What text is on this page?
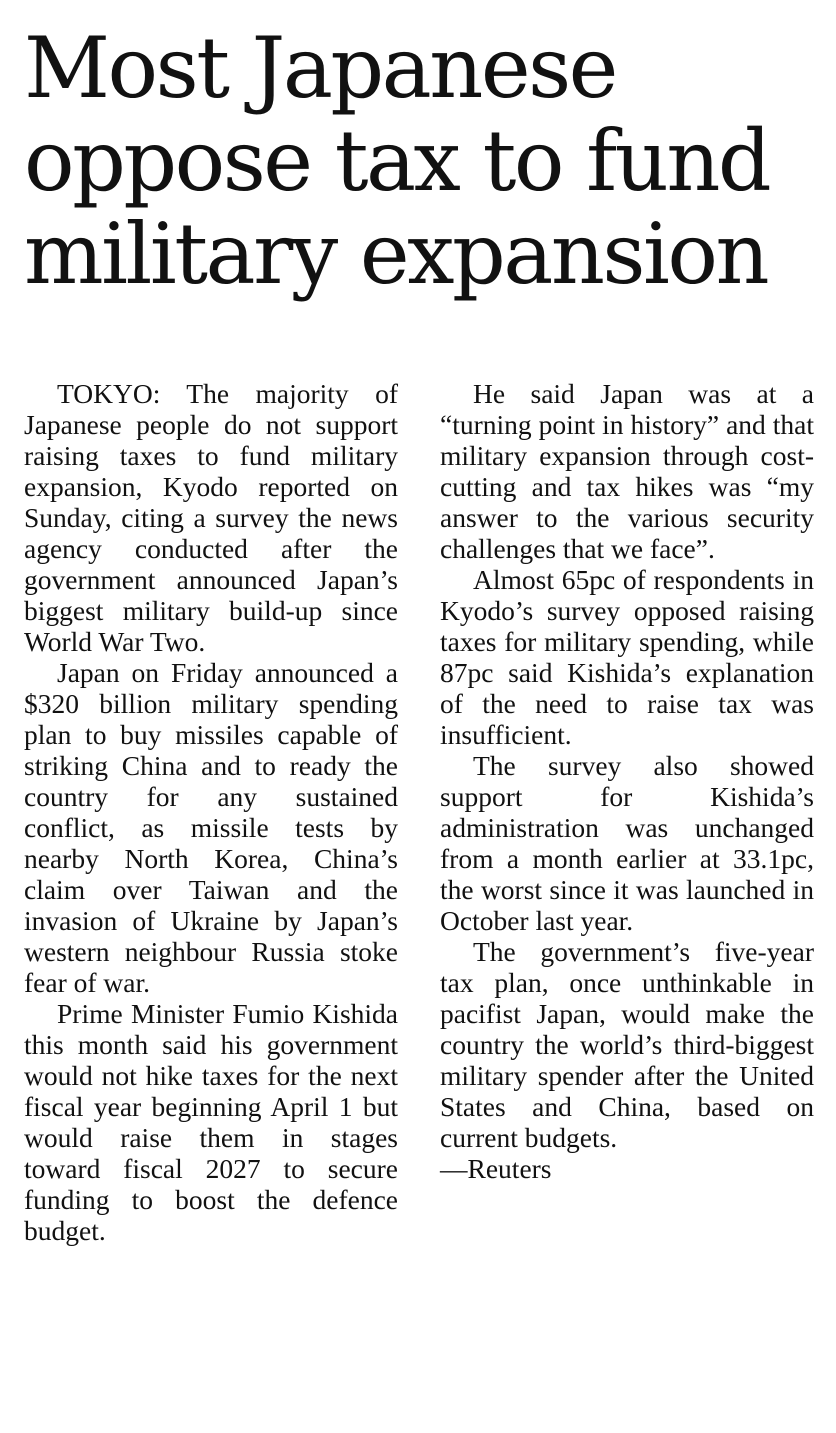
Most Japanese
oppose tax to fund
military expansion

TOKYO: The majority of Japanese people do not support raising taxes to fund military expansion, Kyodo reported on Sunday, citing a survey the news agency conducted after the government announced Japan’s biggest military build-up since World War Two.

Japan on Friday announced a $320 billion military spending plan to buy missiles capable of striking China and to ready the country for any sustained conflict, as missile tests by nearby North Korea, China’s claim over Taiwan and the invasion of Ukraine by Japan’s western neighbour Russia stoke fear of war.

Prime Minister Fumio Kishida this month said his government would not hike taxes for the next fiscal year beginning April 1 but would raise them in stages toward fiscal 2027 to secure funding to boost the defence budget.

He said Japan was at a “turning point in history” and that military expansion through cost-cutting and tax hikes was “my answer to the various security challenges that we face”.

Almost 65pc of respondents in Kyodo’s survey opposed raising taxes for military spending, while 87pc said Kishida’s explanation of the need to raise tax was insufficient.

The survey also showed support for Kishida’s administration was unchanged from a month earlier at 33.1pc, the worst since it was launched in October last year.

The government’s five-year tax plan, once unthinkable in pacifist Japan, would make the country the world’s third-biggest military spender after the United States and China, based on current budgets.

—Reuters
